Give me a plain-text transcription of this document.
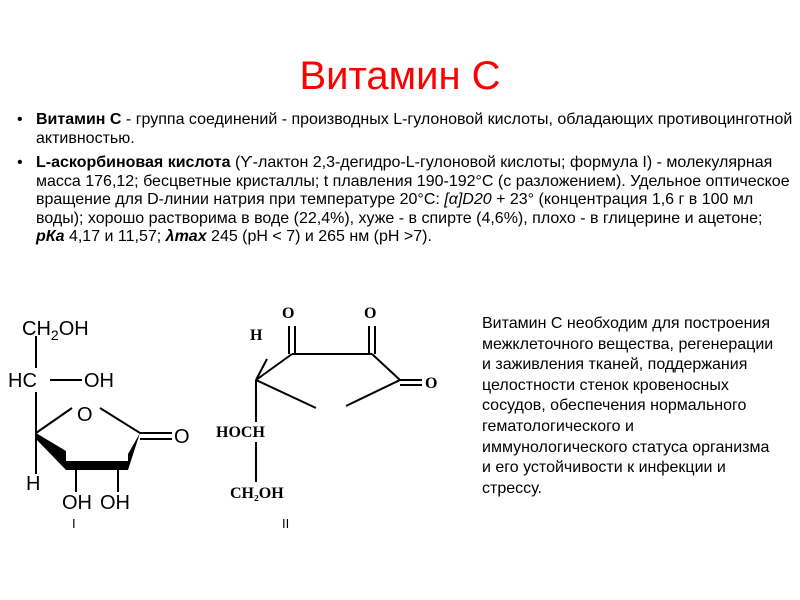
Витамин С
• Витамин С - группа соединений - производных L-гулоновой кислоты, обладающих противоцинготной активностью.
• L-аскорбиновая кислота (ϒ-лактон 2,3-дегидро-L-гулоновой кислоты; формула I) - молекулярная масса 176,12; бесцветные кристаллы; t плавления 190-192°С (с разложением). Удельное оптическое вращение для D-линии натрия при температуре 20°С: [α]D20 + 23° (концентрация 1,6 г в 100 мл воды); хорошо растворима в воде (22,4%), хуже - в спирте (4,6%), плохо - в глицерине и ацетоне; рКа 4,17 и 11,57; λmax 245 (рН < 7) и 265 нм (рН >7).
$CH_2OH$
HC OH
O
O
H
OH OH
I
O	O
O
H
HOCH
CH₂OH
II
Витамин С необходим для построения межклеточного вещества, регенерации и заживления тканей, поддержания целостности стенок кровеносных сосудов, обеспечения нормального гематологического и иммунологического статуса организма и его устойчивости к инфекции и стрессу.
